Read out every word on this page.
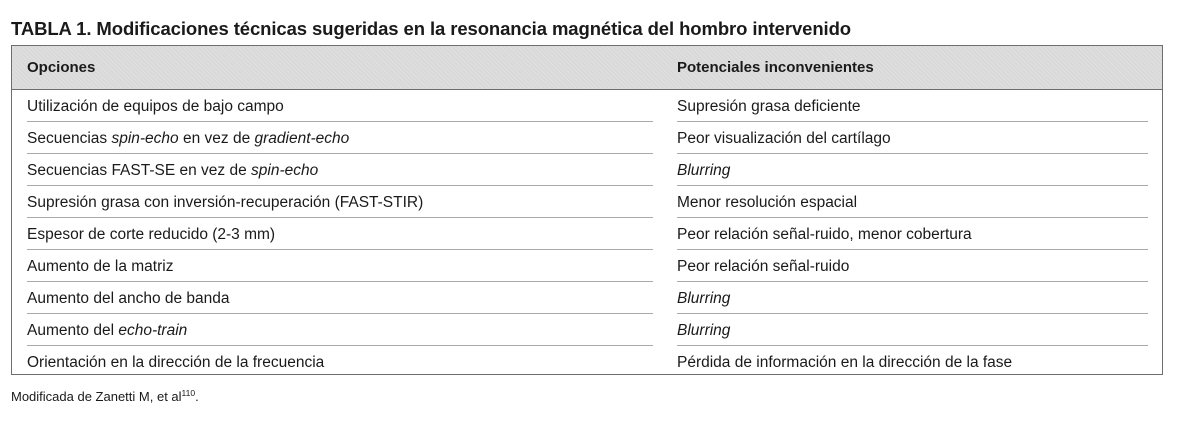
TABLA 1. Modificaciones técnicas sugeridas en la resonancia magnética del hombro intervenido
Opciones	Potenciales inconvenientes
Utilización de equipos de bajo campo	Supresión grasa deficiente
Secuencias spin-echo en vez de gradient-echo	Peor visualización del cartílago
Secuencias FAST-SE en vez de spin-echo	Blurring
Supresión grasa con inversión-recuperación (FAST-STIR)	Menor resolución espacial
Espesor de corte reducido (2-3 mm)	Peor relación señal-ruido, menor cobertura
Aumento de la matriz	Peor relación señal-ruido
Aumento del ancho de banda	Blurring
Aumento del echo-train	Blurring
Orientación en la dirección de la frecuencia	Pérdida de información en la dirección de la fase
Modificada de Zanetti M, et $al^{110}$.
